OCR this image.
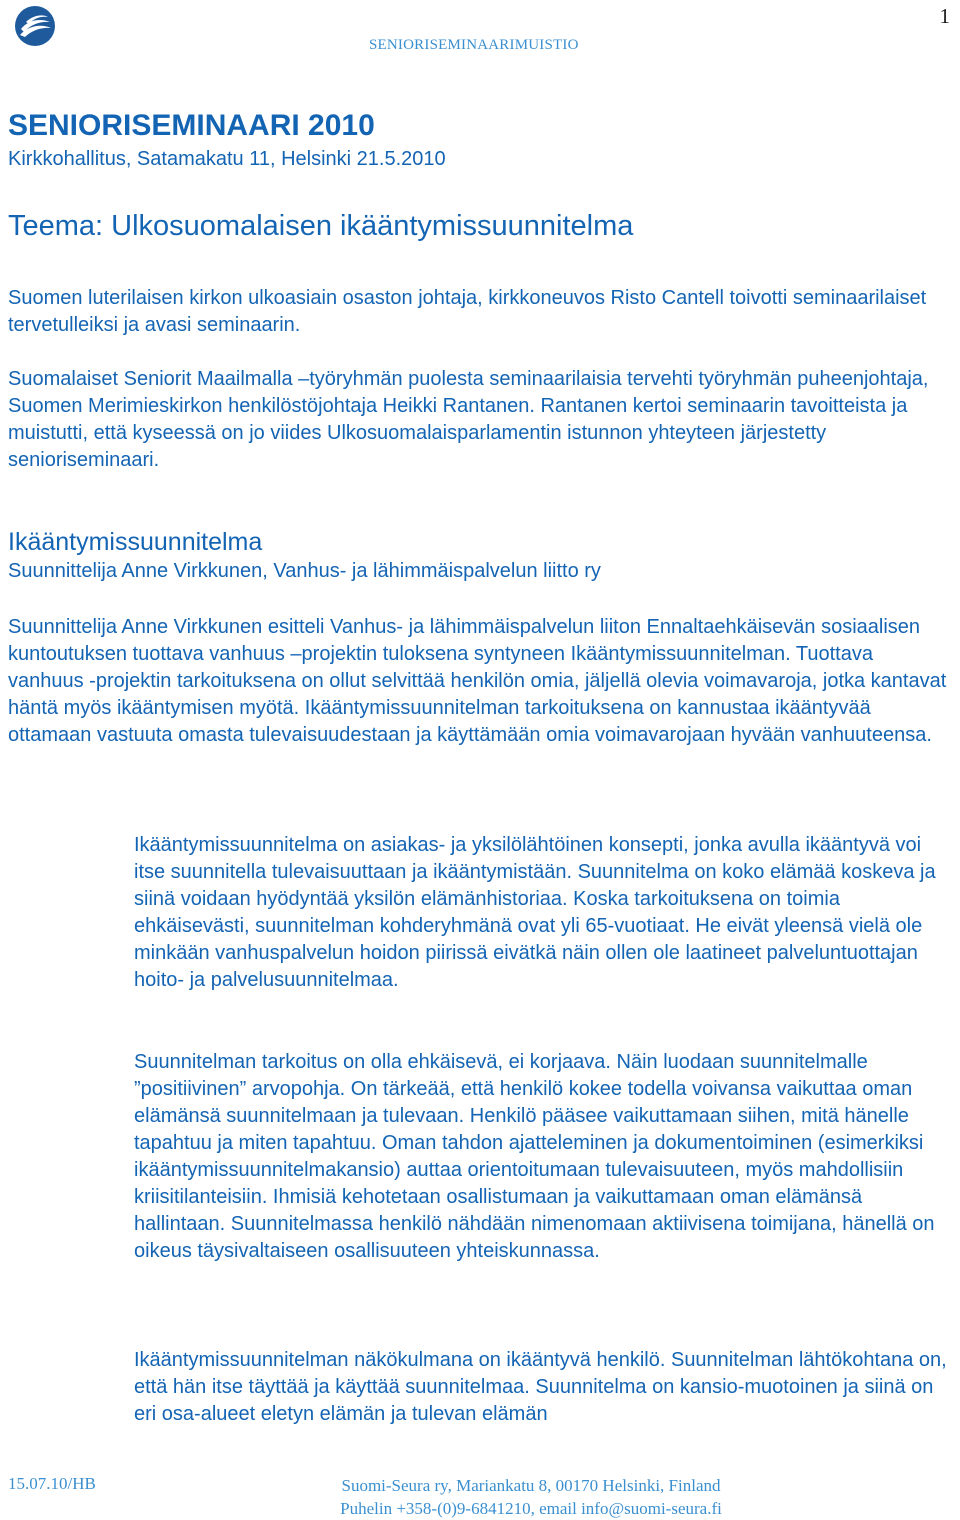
1
SENIORISEMINAARIMUISTIO
SENIORISEMINAARI 2010
Kirkkohallitus, Satamakatu 11, Helsinki 21.5.2010
Teema: Ulkosuomalaisen ikääntymissuunnitelma

Suomen luterilaisen kirkon ulkoasiain osaston johtaja, kirkkoneuvos Risto Cantell toivotti seminaarilaiset tervetulleiksi ja avasi seminaarin.

Suomalaiset Seniorit Maailmalla –työryhmän puolesta seminaarilaisia tervehti työryhmän puheenjohtaja, Suomen Merimieskirkon henkilöstöjohtaja Heikki Rantanen. Rantanen kertoi seminaarin tavoitteista ja muistutti, että kyseessä on jo viides Ulkosuomalaisparlamentin istunnon yhteyteen järjestetty senioriseminaari.

Ikääntymissuunnitelma
Suunnittelija Anne Virkkunen, Vanhus- ja lähimmäispalvelun liitto ry

Suunnittelija Anne Virkkunen esitteli Vanhus- ja lähimmäispalvelun liiton Ennaltaehkäisevän sosiaalisen kuntoutuksen tuottava vanhuus –projektin tuloksena syntyneen Ikääntymissuunnitelman. Tuottava vanhuus -projektin tarkoituksena on ollut selvittää henkilön omia, jäljellä olevia voimavaroja, jotka kantavat häntä myös ikääntymisen myötä. Ikääntymissuunnitelman tarkoituksena on kannustaa ikääntyvää ottamaan vastuuta omasta tulevaisuudestaan ja käyttämään omia voimavarojaan hyvään vanhuuteensa.

Ikääntymissuunnitelma on asiakas- ja yksilölähtöinen konsepti, jonka avulla ikääntyvä voi itse suunnitella tulevaisuuttaan ja ikääntymistään. Suunnitelma on koko elämää koskeva ja siinä voidaan hyödyntää yksilön elämänhistoriaa. Koska tarkoituksena on toimia ehkäisevästi, suunnitelman kohderyhmänä ovat yli 65-vuotiaat. He eivät yleensä vielä ole minkään vanhuspalvelun hoidon piirissä eivätkä näin ollen ole laatineet palveluntuottajan hoito- ja palvelusuunnitelmaa.

Suunnitelman tarkoitus on olla ehkäisevä, ei korjaava. Näin luodaan suunnitelmalle ”positiivinen” arvopohja. On tärkeää, että henkilö kokee todella voivansa vaikuttaa oman elämänsä suunnitelmaan ja tulevaan. Henkilö pääsee vaikuttamaan siihen, mitä hänelle tapahtuu ja miten tapahtuu. Oman tahdon ajatteleminen ja dokumentoiminen (esimerkiksi ikääntymissuunnitelmakansio) auttaa orientoitumaan tulevaisuuteen, myös mahdollisiin kriisitilanteisiin. Ihmisiä kehotetaan osallistumaan ja vaikuttamaan oman elämänsä hallintaan. Suunnitelmassa henkilö nähdään nimenomaan aktiivisena toimijana, hänellä on oikeus täysivaltaiseen osallisuuteen yhteiskunnassa.

Ikääntymissuunnitelman näkökulmana on ikääntyvä henkilö. Suunnitelman lähtökohtana on, että hän itse täyttää ja käyttää suunnitelmaa. Suunnitelma on kansio-muotoinen ja siinä on eri osa-alueet eletyn elämän ja tulevan elämän

15.07.10/HB	Suomi-Seura ry, Mariankatu 8, 00170 Helsinki, Finland
Puhelin +358-(0)9-6841210, email info@suomi-seura.fi
